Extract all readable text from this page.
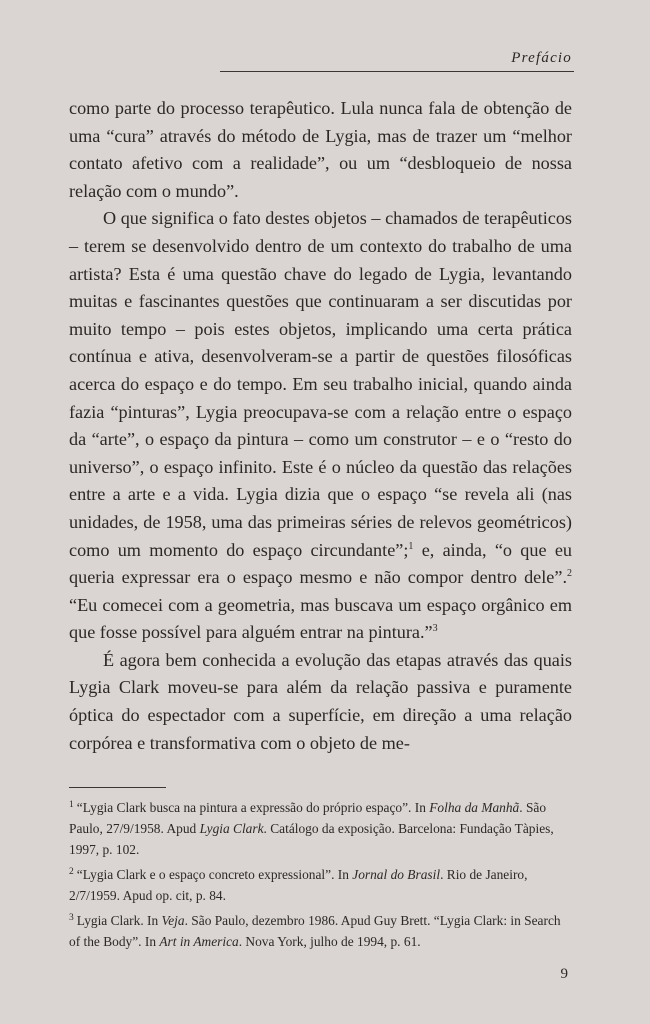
Prefácio

como parte do processo terapêutico. Lula nunca fala de obtenção de uma “cura” através do método de Lygia, mas de trazer um “melhor contato afetivo com a realidade”, ou um “desbloqueio de nossa relação com o mundo”.

O que significa o fato destes objetos – chamados de terapêuticos – terem se desenvolvido dentro de um contexto do trabalho de uma artista? Esta é uma questão chave do legado de Lygia, levantando muitas e fascinantes questões que continuaram a ser discutidas por muito tempo – pois estes objetos, implicando uma certa prática contínua e ativa, desenvolveram-se a partir de questões filosóficas acerca do espaço e do tempo. Em seu trabalho inicial, quando ainda fazia “pinturas”, Lygia preocupava-se com a relação entre o espaço da “arte”, o espaço da pintura – como um construtor – e o “resto do universo”, o espaço infinito. Este é o núcleo da questão das relações entre a arte e a vida. Lygia dizia que o espaço “se revela ali (nas unidades, de 1958, uma das primeiras séries de relevos geométricos) como um momento do espaço circundante”;$^1$ e, ainda, “o que eu queria expressar era o espaço mesmo e não compor dentro dele”.$^2$ “Eu comecei com a geometria, mas buscava um espaço orgânico em que fosse possível para alguém entrar na pintura.”$^3$

É agora bem conhecida a evolução das etapas através das quais Lygia Clark moveu-se para além da relação passiva e puramente óptica do espectador com a superfície, em direção a uma relação corpórea e transformativa com o objeto de me-

$^1$ “Lygia Clark busca na pintura a expressão do próprio espaço”. In Folha da Manhã. São Paulo, 27/9/1958. Apud Lygia Clark. Catálogo da exposição. Barcelona: Fundação Tàpies, 1997, p. 102.

$^2$ “Lygia Clark e o espaço concreto expressional”. In Jornal do Brasil. Rio de Janeiro, 2/7/1959. Apud op. cit, p. 84.

$^3$ Lygia Clark. In Veja. São Paulo, dezembro 1986. Apud Guy Brett. “Lygia Clark: in Search of the Body”. In Art in America. Nova York, julho de 1994, p. 61.

9
